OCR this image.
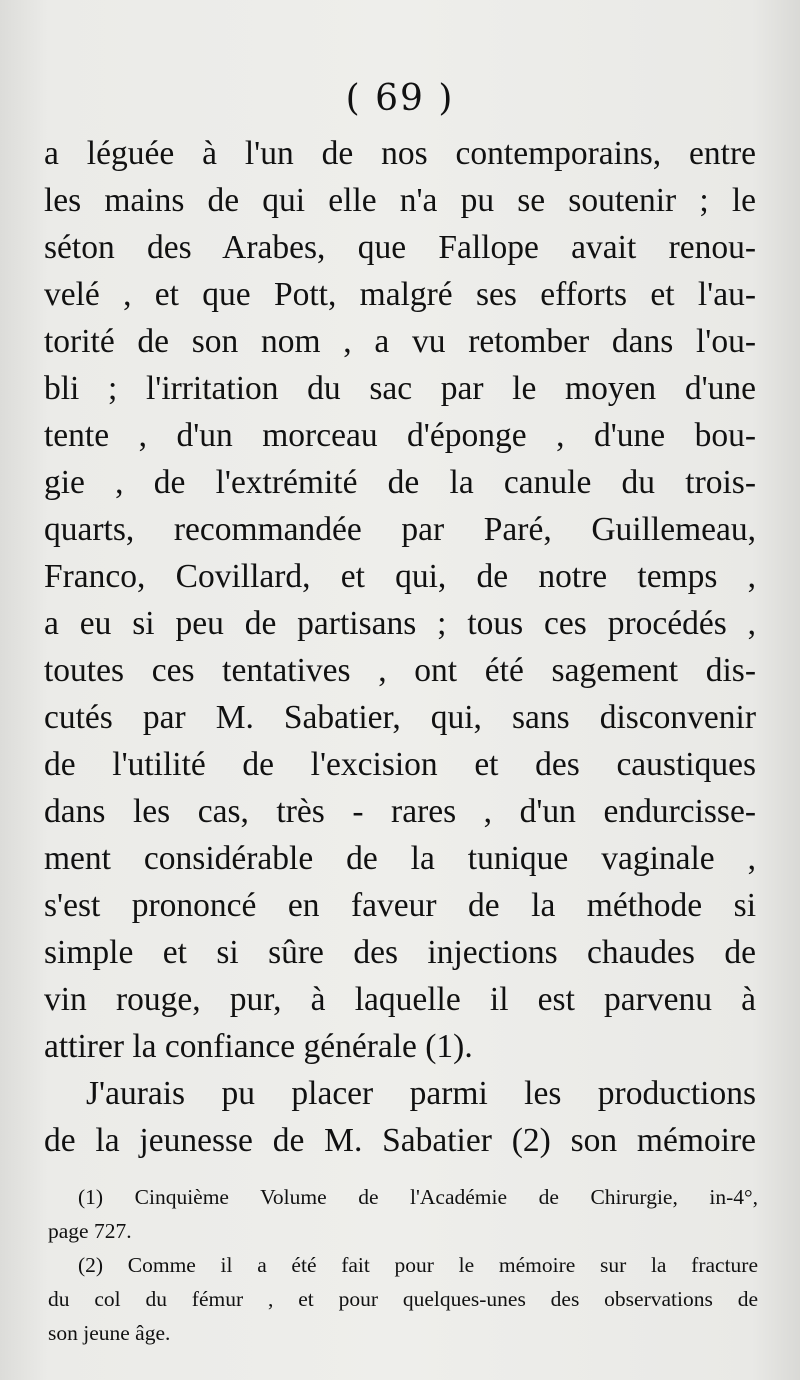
( 69 )
a léguée à l'un de nos contemporains, entre
les mains de qui elle n'a pu se soutenir ; le
séton des Arabes, que Fallope avait renou-
velé , et que Pott, malgré ses efforts et l'au-
torité de son nom , a vu retomber dans l'ou-
bli ; l'irritation du sac par le moyen d'une
tente , d'un morceau d'éponge , d'une bou-
gie , de l'extrémité de la canule du trois-
quarts, recommandée par Paré, Guillemeau,
Franco, Covillard, et qui, de notre temps ,
a eu si peu de partisans ; tous ces procédés ,
toutes ces tentatives , ont été sagement dis-
cutés par M. Sabatier, qui, sans disconvenir
de l'utilité de l'excision et des caustiques
dans les cas, très - rares , d'un endurcisse-
ment considérable de la tunique vaginale ,
s'est prononcé en faveur de la méthode si
simple et si sûre des injections chaudes de
vin rouge, pur, à laquelle il est parvenu à
attirer la confiance générale (1).
J'aurais pu placer parmi les productions
de la jeunesse de M. Sabatier (2) son mémoire
(1) Cinquième Volume de l'Académie de Chirurgie, in-4°,
page 727.
(2) Comme il a été fait pour le mémoire sur la fracture
du col du fémur , et pour quelques-unes des observations de
son jeune âge.
